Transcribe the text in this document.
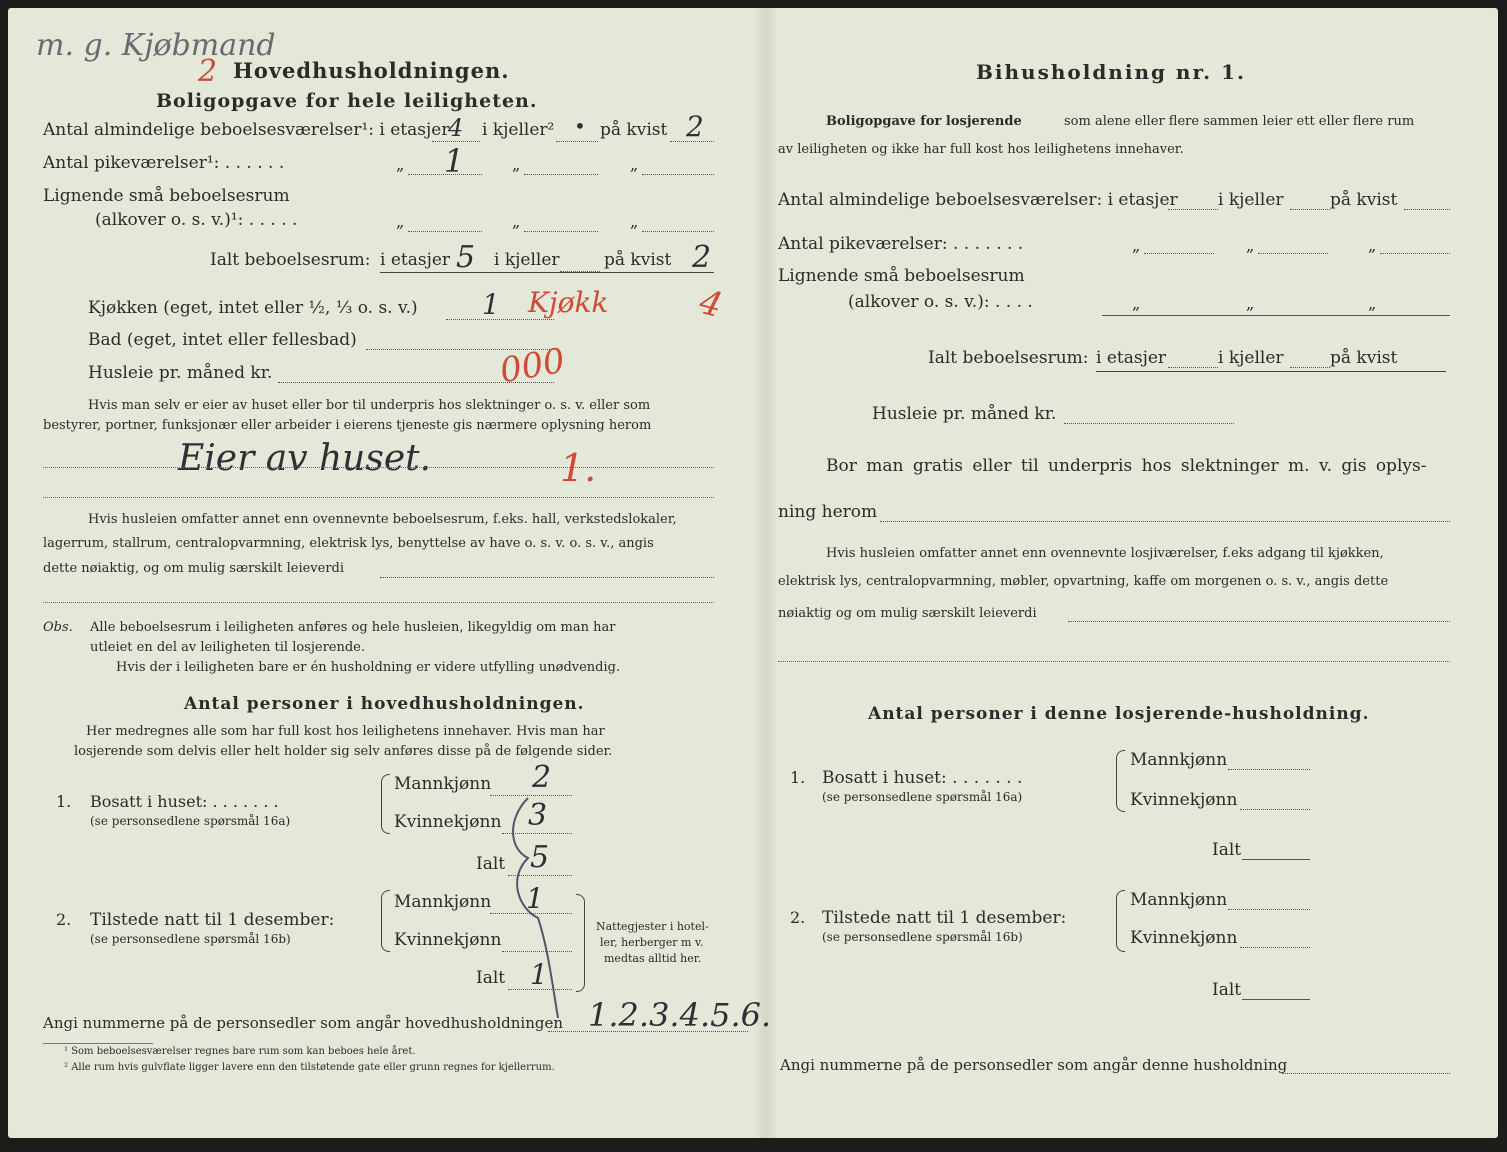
m. g. Kjøbmand
2 Hovedhusholdningen.
Boligopgave for hele leiligheten.
Antal almindelige beboelsesværelser¹: i etasjer
4 i kjeller² • på kvist 2
Antal pikeværelser¹: . . . . . .	„ 1	„	„
Lignende små beboelsesrum
(alkover o. s. v.)¹: . . . . .	„	„	„
Ialt beboelsesrum: i etasjer 5 i kjeller	på kvist 2
4
Kjøkken (eget, intet eller ½, ⅓ o. s. v.) 1 Kjøkk
Bad (eget, intet eller fellesbad)
Husleie pr. måned kr.	000
Hvis man selv er eier av huset eller bor til underpris hos slektninger o. s. v. eller som
bestyrer, portner, funksjonær eller arbeider i eierens tjeneste gis nærmere oplysning herom
Eier av huset.	1.
Hvis husleien omfatter annet enn ovennevnte beboelsesrum, f.eks. hall, verkstedslokaler,
lagerrum, stallrum, centralopvarmning, elektrisk lys, benyttelse av have o. s. v. o. s. v., angis
dette nøiaktig, og om mulig særskilt leieverdi
Obs. Alle beboelsesrum i leiligheten anføres og hele husleien, likegyldig om man har
utleiet en del av leiligheten til losjerende.
Hvis der i leiligheten bare er én husholdning er videre utfylling unødvendig.
Antal personer i hovedhusholdningen.
Her medregnes alle som har full kost hos leilighetens innehaver. Hvis man har
losjerende som delvis eller helt holder sig selv anføres disse på de følgende sider.
1. Bosatt i huset: . . . . . . .
(se personsedlene spørsmål 16a)
Mannkjønn 2
Kvinnekjønn 3
Ialt 5
2. Tilstede natt til 1 desember:
(se personsedlene spørsmål 16b)
Mannkjønn 1
Kvinnekjønn
Ialt 1
Nattegjester i hotel-
ler, herberger m v.
medtas alltid her.
Angi nummerne på de personsedler som angår hovedhusholdningen 1.2.3.4.5.6.
¹ Som beboelsesværelser regnes bare rum som kan beboes hele året.
² Alle rum hvis gulvflate ligger lavere enn den tilstøtende gate eller grunn regnes for kjellerrum.
Bihusholdning nr. 1.
Boligopgave for losjerende	som alene eller flere sammen leier ett eller flere rum
av leiligheten og ikke har full kost hos leilighetens innehaver.
Antal almindelige beboelsesværelser: i etasjer i kjeller	på kvist
Antal pikeværelser: . . . . . . .	„	„	„
Lignende små beboelsesrum
(alkover o. s. v.): . . . .	„	„	„
Ialt beboelsesrum: i etasjer	i kjeller	på kvist
Husleie pr. måned kr.
Bor man gratis eller til underpris hos slektninger m. v. gis oplys-
ning herom
Hvis husleien omfatter annet enn ovennevnte losjiværelser, f.eks adgang til kjøkken,
elektrisk lys, centralopvarmning, møbler, opvartning, kaffe om morgenen o. s. v., angis dette
nøiaktig og om mulig særskilt leieverdi
Antal personer i denne losjerende-husholdning.
1. Bosatt i huset: . . . . . . .
(se personsedlene spørsmål 16a)
Mannkjønn
Kvinnekjønn
Ialt
2. Tilstede natt til 1 desember:
(se personsedlene spørsmål 16b)
Mannkjønn
Kvinnekjønn
Ialt
Angi nummerne på de personsedler som angår denne husholdning
